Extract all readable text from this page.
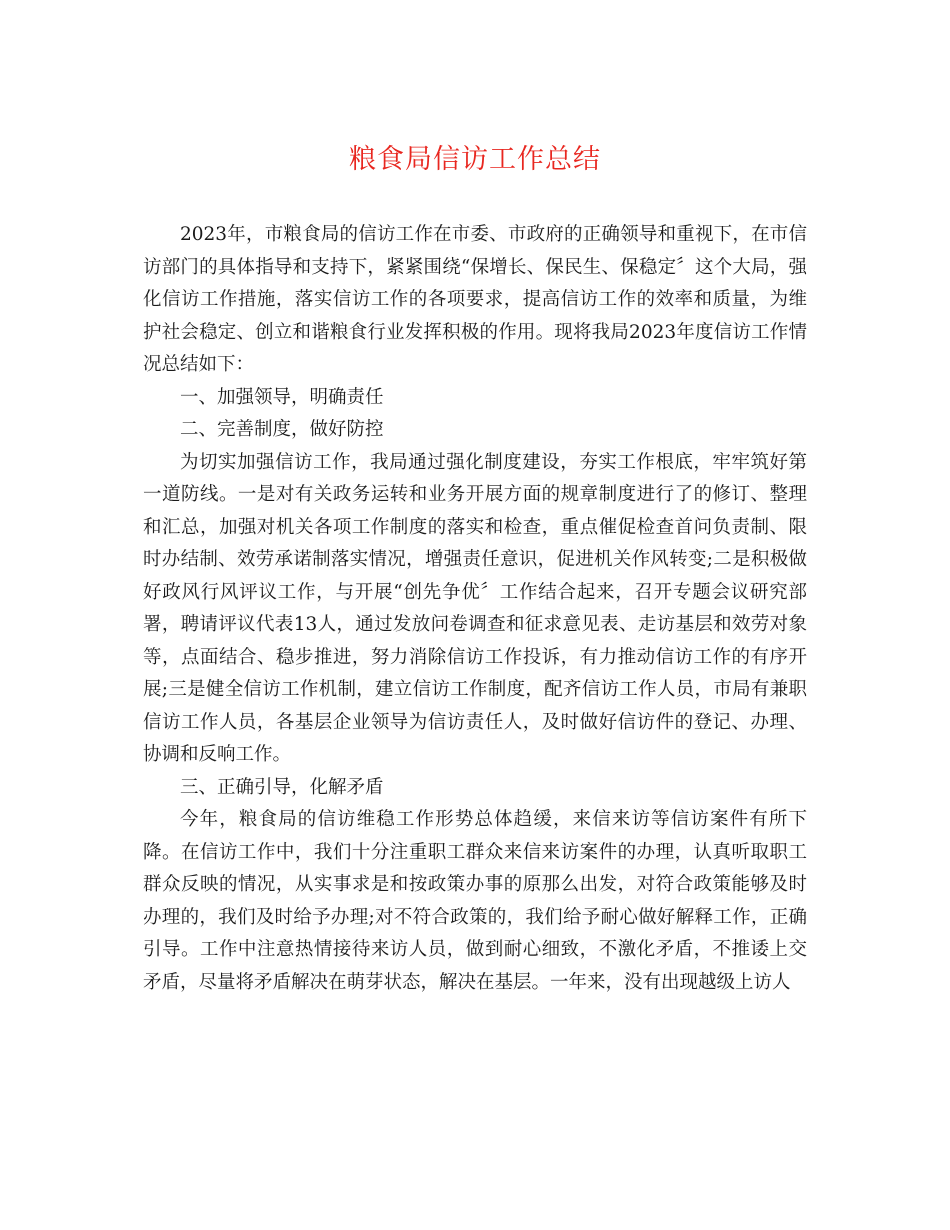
粮食局信访工作总结

2023年，市粮食局的信访工作在市委、市政府的正确领导和重视下，在市信访部门的具体指导和支持下，紧紧围绕“保增长、保民生、保稳定〞这个大局，强化信访工作措施，落实信访工作的各项要求，提高信访工作的效率和质量，为维护社会稳定、创立和谐粮食行业发挥积极的作用。现将我局2023年度信访工作情况总结如下：

一、加强领导，明确责任

二、完善制度，做好防控

为切实加强信访工作，我局通过强化制度建设，夯实工作根底，牢牢筑好第一道防线。一是对有关政务运转和业务开展方面的规章制度进行了的修订、整理和汇总，加强对机关各项工作制度的落实和检查，重点催促检查首问负责制、限时办结制、效劳承诺制落实情况，增强责任意识，促进机关作风转变;二是积极做好政风行风评议工作，与开展“创先争优〞工作结合起来，召开专题会议研究部署，聘请评议代表13人，通过发放问卷调查和征求意见表、走访基层和效劳对象等，点面结合、稳步推进，努力消除信访工作投诉，有力推动信访工作的有序开展;三是健全信访工作机制，建立信访工作制度，配齐信访工作人员，市局有兼职信访工作人员，各基层企业领导为信访责任人，及时做好信访件的登记、办理、协调和反响工作。

三、正确引导，化解矛盾

今年，粮食局的信访维稳工作形势总体趋缓，来信来访等信访案件有所下降。在信访工作中，我们十分注重职工群众来信来访案件的办理，认真听取职工群众反映的情况，从实事求是和按政策办事的原那么出发，对符合政策能够及时办理的，我们及时给予办理;对不符合政策的，我们给予耐心做好解释工作，正确引导。工作中注意热情接待来访人员，做到耐心细致，不激化矛盾，不推诿上交矛盾，尽量将矛盾解决在萌芽状态，解决在基层。一年来，没有出现越级上访人
